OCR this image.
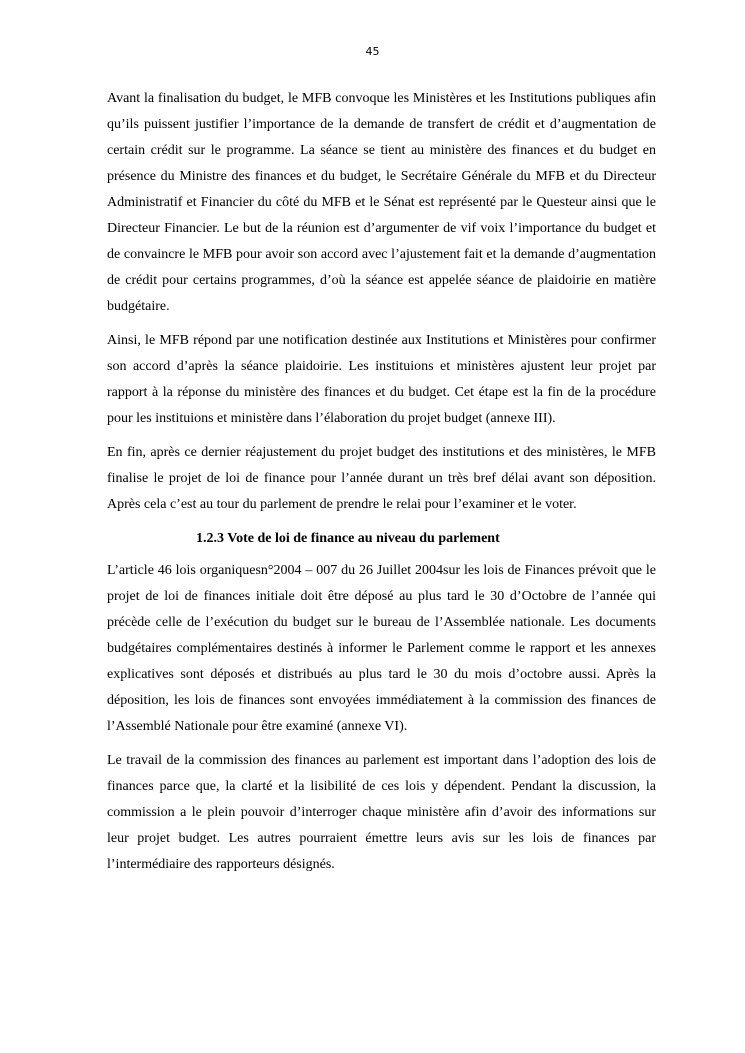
45

Avant la finalisation du budget, le MFB convoque les Ministères et les Institutions publiques afin qu’ils puissent justifier l’importance de la demande de transfert de crédit et d’augmentation de certain crédit sur le programme. La séance se tient au ministère des finances et du budget en présence du Ministre des finances et du budget, le Secrétaire Générale du MFB et du Directeur Administratif et Financier du côté du MFB et le Sénat est représenté par le Questeur ainsi que le Directeur Financier. Le but de la réunion est d’argumenter de vif voix l’importance du budget et de convaincre le MFB pour avoir son accord avec l’ajustement fait et la demande d’augmentation de crédit pour certains programmes, d’où la séance est appelée séance de plaidoirie en matière budgétaire.

Ainsi, le MFB répond par une notification destinée aux Institutions et Ministères pour confirmer son accord d’après la séance plaidoirie. Les instituions et ministères ajustent leur projet par rapport à la réponse du ministère des finances et du budget. Cet étape est la fin de la procédure pour les instituions et ministère dans l’élaboration du projet budget (annexe III).

En fin, après ce dernier réajustement du projet budget des institutions et des ministères, le MFB finalise le projet de loi de finance pour l’année durant un très bref délai avant son déposition. Après cela c’est au tour du parlement de prendre le relai pour l’examiner et le voter.

1.2.3 Vote de loi de finance au niveau du parlement

L’article 46 lois organiquesn°2004 – 007 du 26 Juillet 2004sur les lois de Finances prévoit que le projet de loi de finances initiale doit être déposé au plus tard le 30 d’Octobre de l’année qui précède celle de l’exécution du budget sur le bureau de l’Assemblée nationale. Les documents budgétaires complémentaires destinés à informer le Parlement comme le rapport et les annexes explicatives sont déposés et distribués au plus tard le 30 du mois d’octobre aussi. Après la déposition, les lois de finances sont envoyées immédiatement à la commission des finances de l’Assemblé Nationale pour être examiné (annexe VI).

Le travail de la commission des finances au parlement est important dans l’adoption des lois de finances parce que, la clarté et la lisibilité de ces lois y dépendent. Pendant la discussion, la commission a le plein pouvoir d’interroger chaque ministère afin d’avoir des informations sur leur projet budget. Les autres pourraient émettre leurs avis sur les lois de finances par l’intermédiaire des rapporteurs désignés.
